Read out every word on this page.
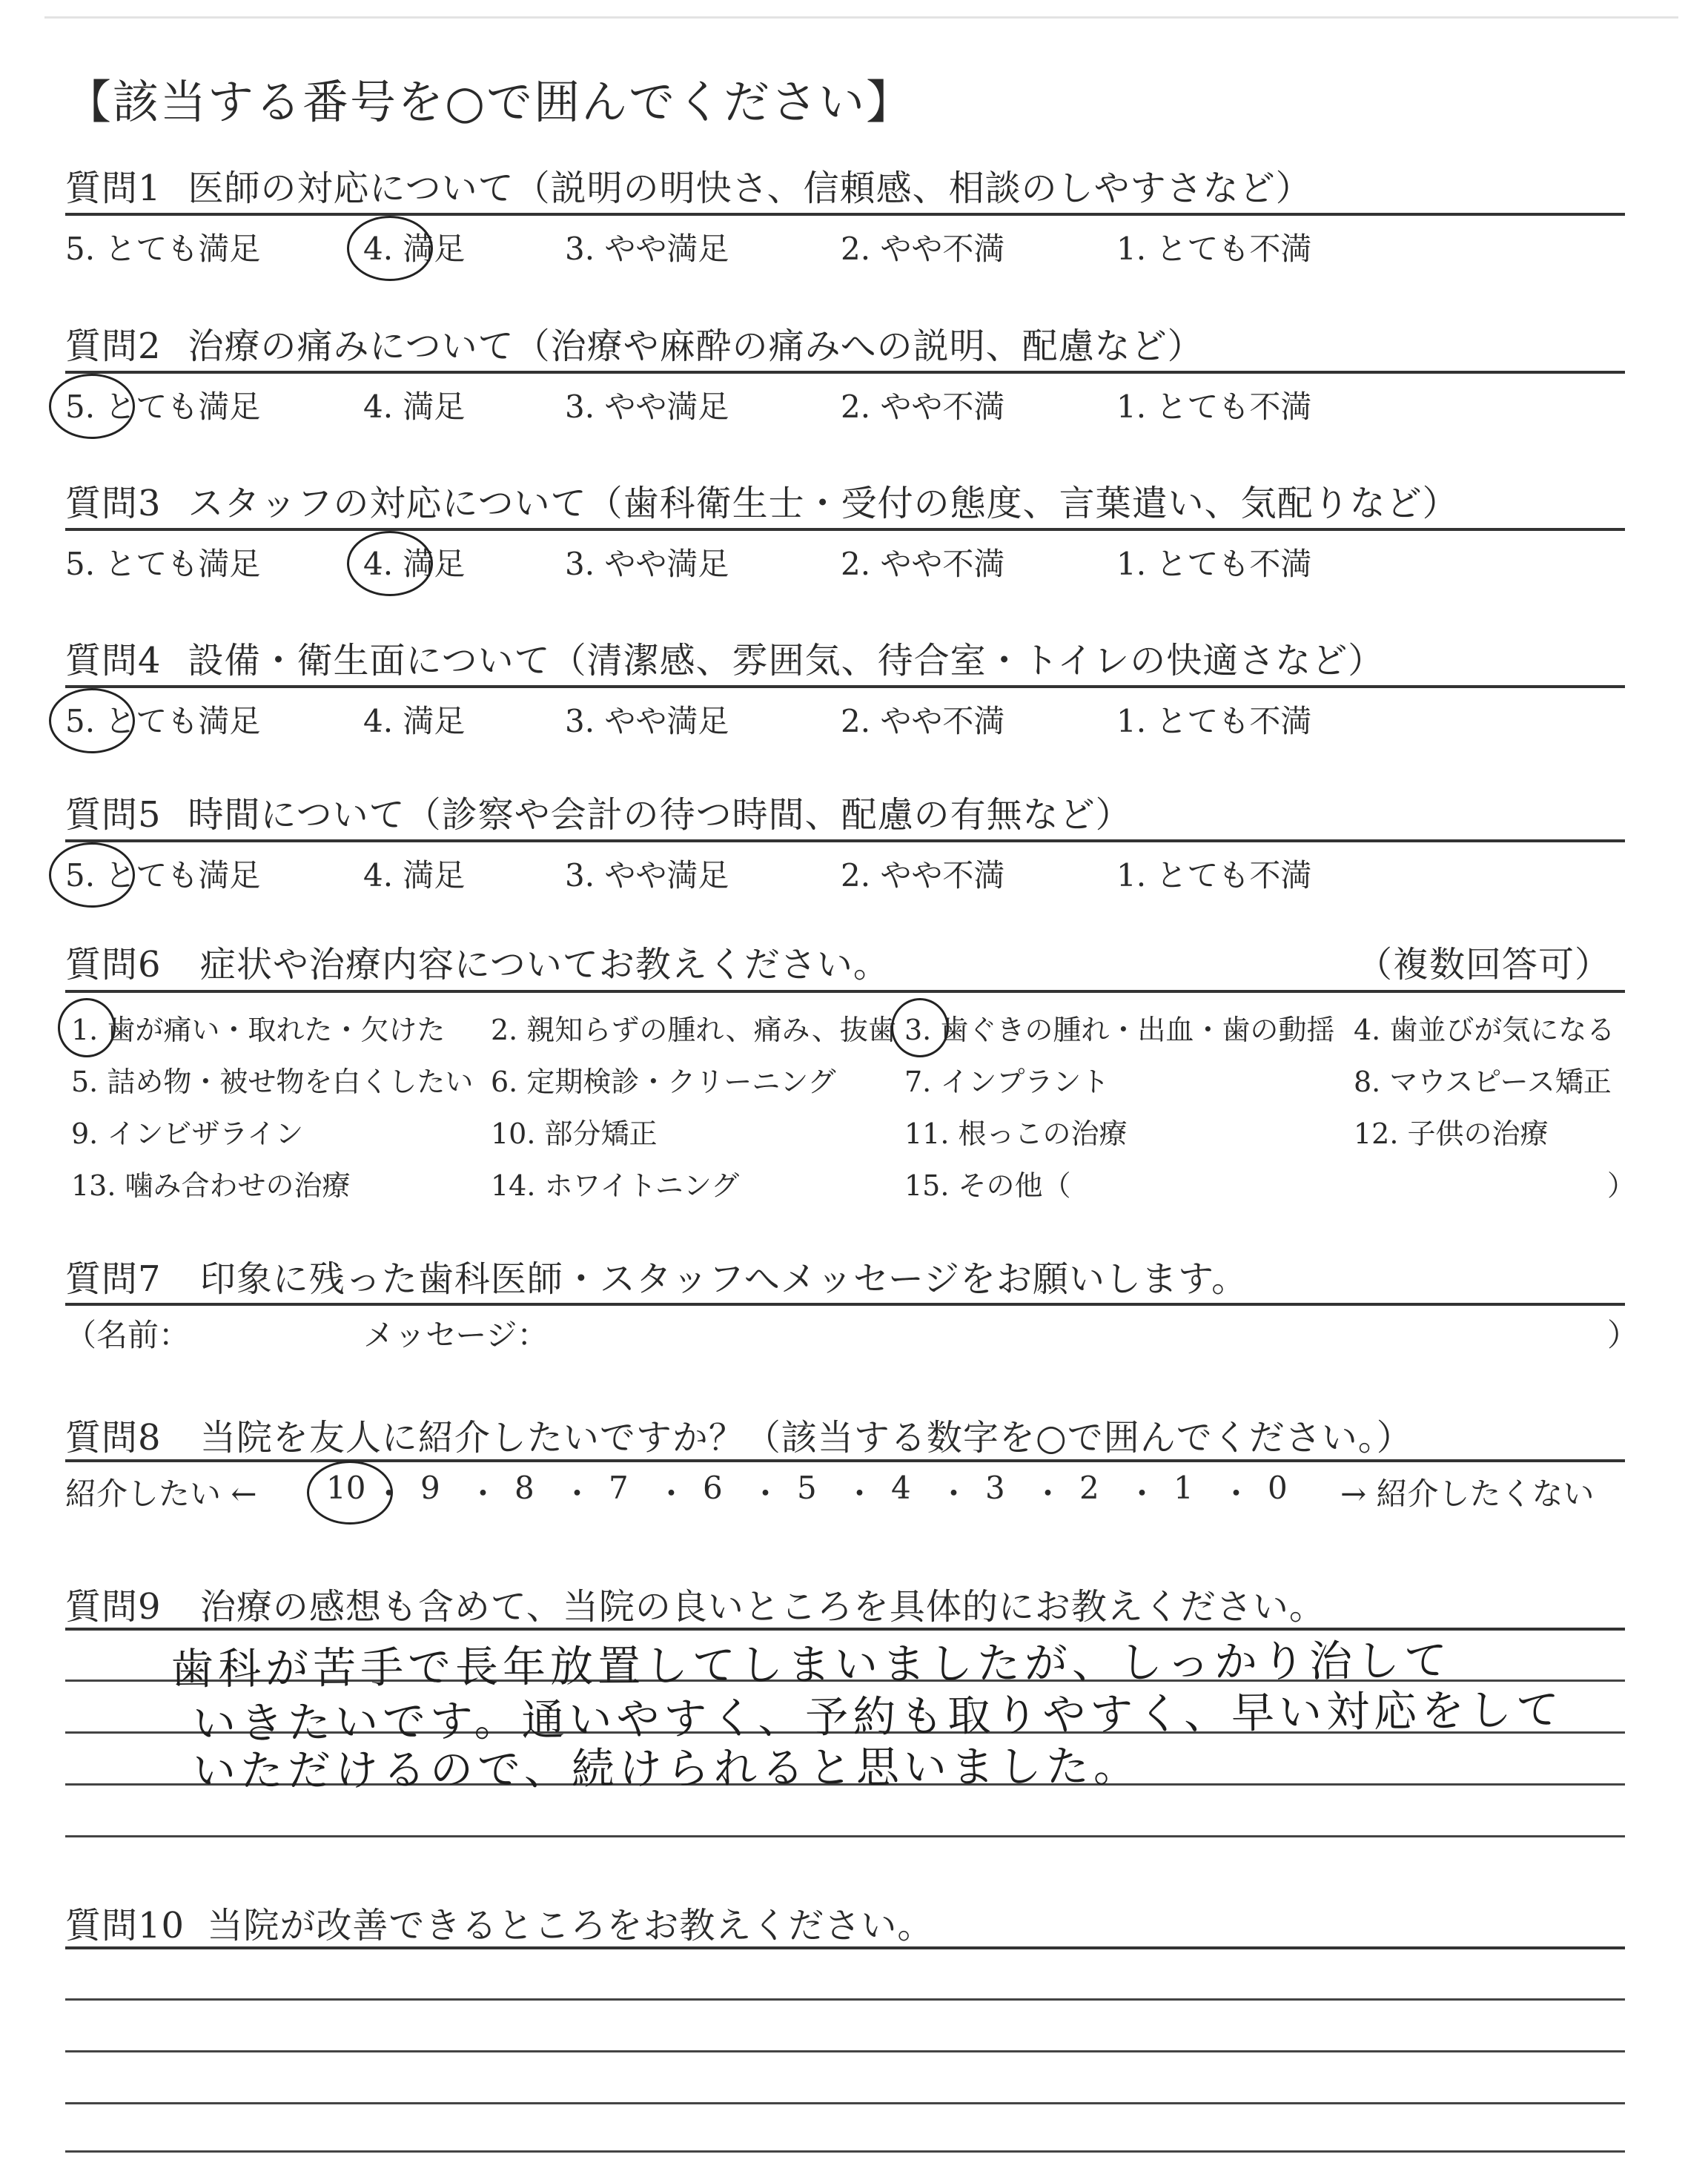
【該当する番号を○で囲んでください】
質問1 医師の対応について（説明の明快さ、信頼感、相談のしやすさなど）
5. とても満足	4. 満足	3. やや満足	2. やや不満	1. とても不満
質問2 治療の痛みについて（治療や麻酔の痛みへの説明、配慮など）
5. とても満足	4. 満足	3. やや満足	2. やや不満	1. とても不満
質問3 スタッフの対応について（歯科衛生士・受付の態度、言葉遣い、気配りなど）
5. とても満足	4. 満足	3. やや満足	2. やや不満	1. とても不満
質問4 設備・衛生面について（清潔感、雰囲気、待合室・トイレの快適さなど）
5. とても満足	4. 満足	3. やや満足	2. やや不満	1. とても不満
質問5 時間について（診察や会計の待つ時間、配慮の有無など）
5. とても満足	4. 満足	3. やや満足	2. やや不満	1. とても不満
質問6 症状や治療内容についてお教えください。	（複数回答可）
1. 歯が痛い・取れた・欠けた 2. 親知らずの腫れ、痛み、抜歯 3. 歯ぐきの腫れ・出血・歯の動揺 4. 歯並びが気になる
5. 詰め物・被せ物を白くしたい 6. 定期検診・クリーニング 7. インプラント	8. マウスピース矯正
9. インビザライン	10. 部分矯正	11. 根っこの治療	12. 子供の治療
13. 噛み合わせの治療	14. ホワイトニング	15. その他（	）
質問7 印象に残った歯科医師・スタッフへメッセージをお願いします。
（名前：	メッセージ：	）
質問8 当院を友人に紹介したいですか？（該当する数字を○で囲んでください。）
紹介したい ← 10 ・ 9 ・ 8 ・ 7 ・ 6 ・ 5 ・ 4 ・ 3 ・ 2 ・ 1 ・ 0 → 紹介したくない
質問9 治療の感想も含めて、当院の良いところを具体的にお教えください。
歯科が苦手で長年放置してしまいましたが、しっかり治して
いきたいです。通いやすく、予約も取りやすく、早い対応をして
いただけるので、続けられると思いました。
質問10 当院が改善できるところをお教えください。
